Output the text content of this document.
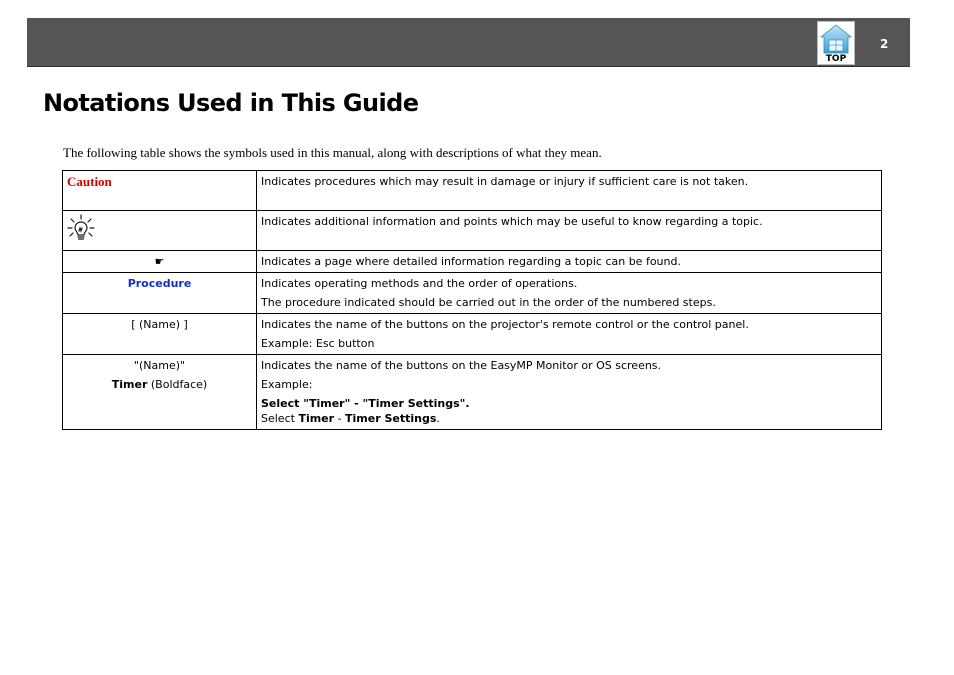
TOP
2
Notations Used in This Guide

The following table shows the symbols used in this manual, along with descriptions of what they mean.

Caution	Indicates procedures which may result in damage or injury if sufficient care is not taken.
	Indicates additional information and points which may be useful to know regarding a topic.
☛	Indicates a page where detailed information regarding a topic can be found.
Procedure	Indicates operating methods and the order of operations.
The procedure indicated should be carried out in the order of the numbered steps.

[ (Name) ]	Indicates the name of the buttons on the projector's remote control or the control panel.
Example: Esc button

"(Name)"
Timer (Boldface)	Indicates the name of the buttons on the EasyMP Monitor or OS screens.
Example:
Select "Timer" - "Timer Settings".
Select Timer - Timer Settings.
